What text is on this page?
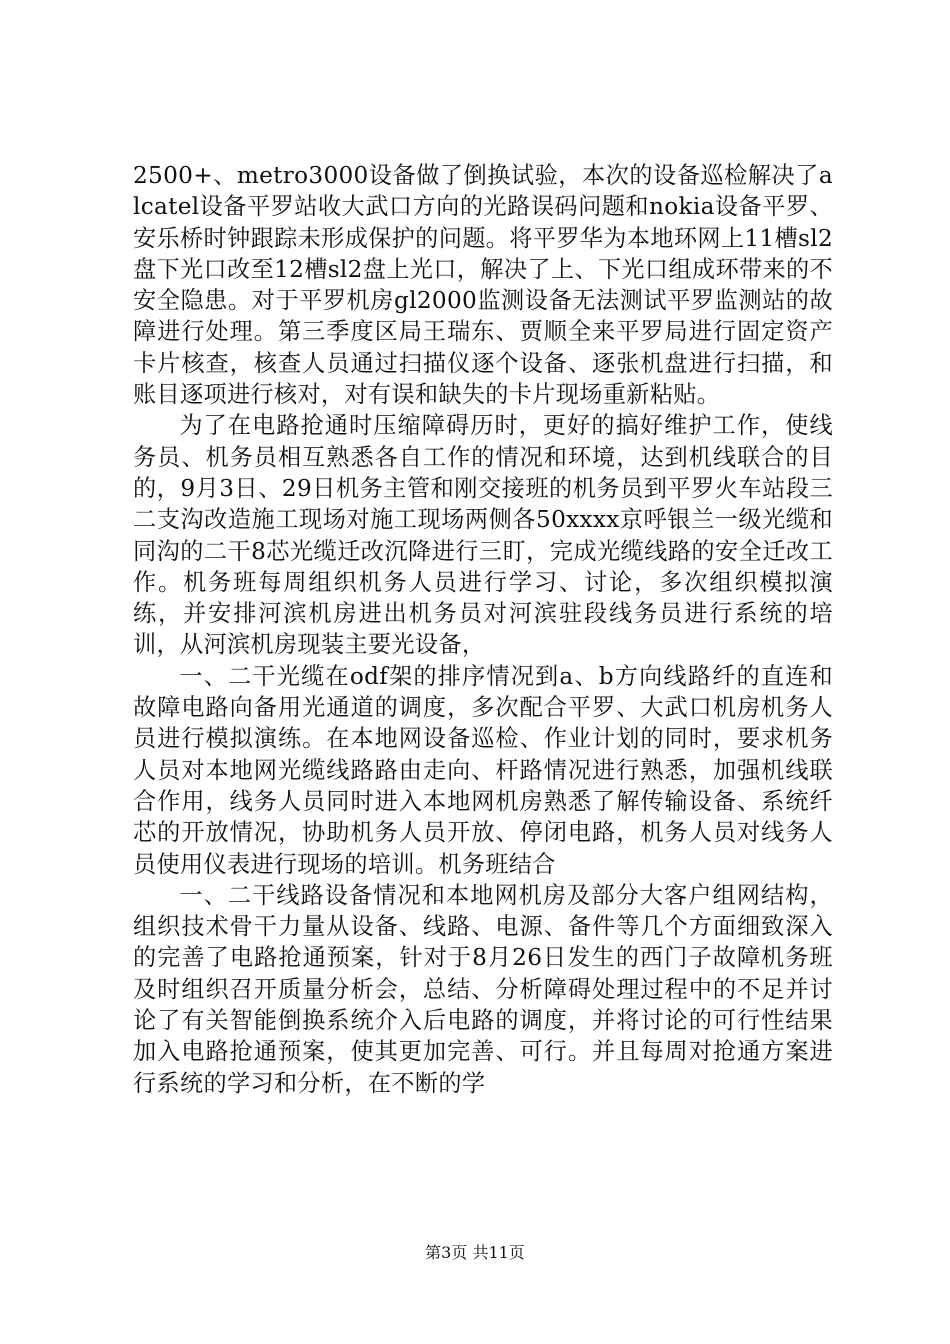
2500+、metro3000设备做了倒换试验，本次的设备巡检解决了alcatel设备平罗站收大武口方向的光路误码问题和nokia设备平罗、安乐桥时钟跟踪未形成保护的问题。将平罗华为本地环网上11槽sl2盘下光口改至12槽sl2盘上光口，解决了上、下光口组成环带来的不安全隐患。对于平罗机房gl2000监测设备无法测试平罗监测站的故障进行处理。第三季度区局王瑞东、贾顺全来平罗局进行固定资产卡片核查，核查人员通过扫描仪逐个设备、逐张机盘进行扫描，和账目逐项进行核对，对有误和缺失的卡片现场重新粘贴。

为了在电路抢通时压缩障碍历时，更好的搞好维护工作，使线务员、机务员相互熟悉各自工作的情况和环境，达到机线联合的目的，9月3日、29日机务主管和刚交接班的机务员到平罗火车站段三二支沟改造施工现场对施工现场两侧各50xxxx京呼银兰一级光缆和同沟的二干8芯光缆迁改沉降进行三盯，完成光缆线路的安全迁改工作。机务班每周组织机务人员进行学习、讨论，多次组织模拟演练，并安排河滨机房进出机务员对河滨驻段线务员进行系统的培训，从河滨机房现装主要光设备，

一、二干光缆在odf架的排序情况到a、b方向线路纤的直连和故障电路向备用光通道的调度，多次配合平罗、大武口机房机务人员进行模拟演练。在本地网设备巡检、作业计划的同时，要求机务人员对本地网光缆线路路由走向、杆路情况进行熟悉，加强机线联合作用，线务人员同时进入本地网机房熟悉了解传输设备、系统纤芯的开放情况，协助机务人员开放、停闭电路，机务人员对线务人员使用仪表进行现场的培训。机务班结合

一、二干线路设备情况和本地网机房及部分大客户组网结构，组织技术骨干力量从设备、线路、电源、备件等几个方面细致深入的完善了电路抢通预案，针对于8月26日发生的西门子故障机务班及时组织召开质量分析会，总结、分析障碍处理过程中的不足并讨论了有关智能倒换系统介入后电路的调度，并将讨论的可行性结果加入电路抢通预案，使其更加完善、可行。并且每周对抢通方案进行系统的学习和分析，在不断的学

第3页 共11页
